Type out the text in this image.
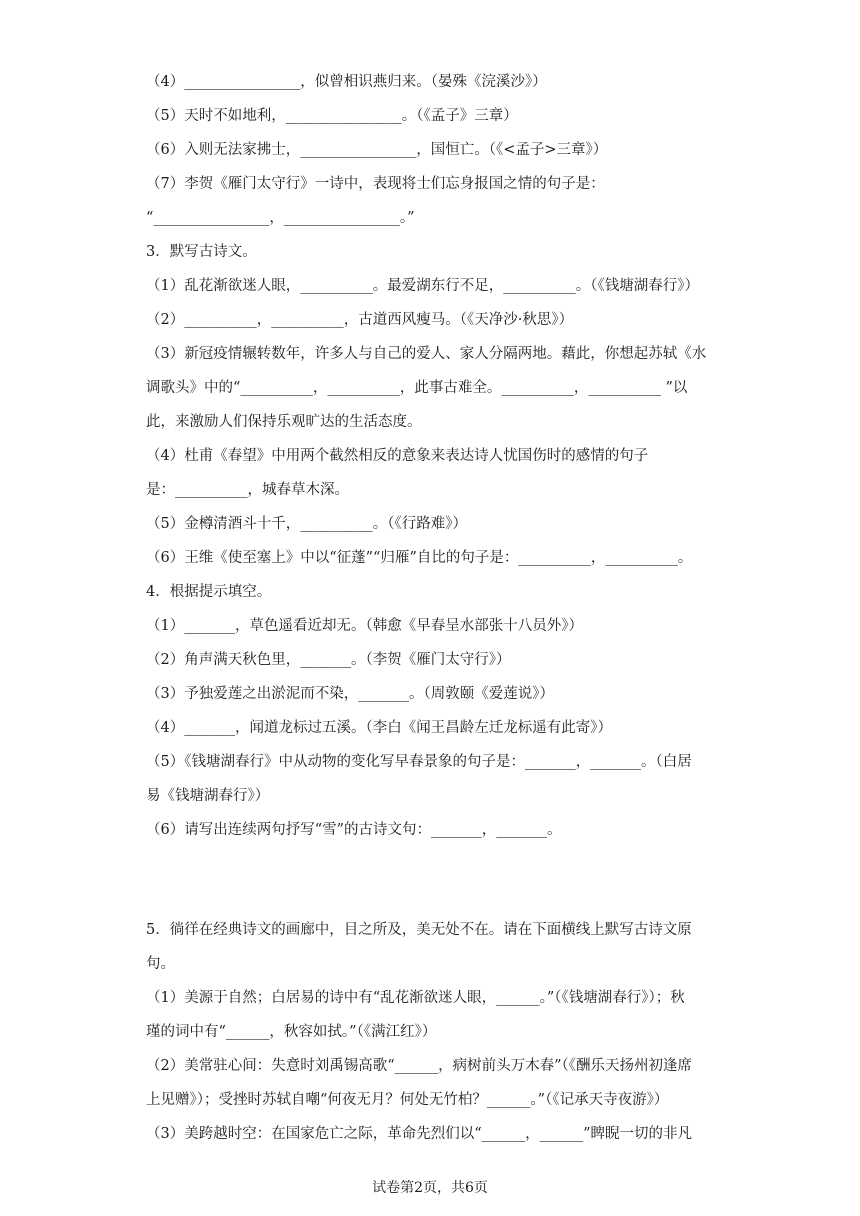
（4）________________，似曾相识燕归来。（晏殊《浣溪沙》）
（5）天时不如地利，________________。（《孟子》三章）
（6）入则无法家拂士，________________，国恒亡。（《<孟子>三章》）
（7）李贺《雁门太守行》一诗中，表现将士们忘身报国之情的句子是：
“________________，________________。”
3．默写古诗文。
（1）乱花渐欲迷人眼，__________。最爱湖东行不足，__________。（《钱塘湖春行》）
（2）__________，__________，古道西风瘦马。（《天净沙·秋思》）
（3）新冠疫情辗转数年，许多人与自己的爱人、家人分隔两地。藉此，你想起苏轼《水
调歌头》中的“__________，__________，此事古难全。__________，__________ ”以
此，来激励人们保持乐观旷达的生活态度。
（4）杜甫《春望》中用两个截然相反的意象来表达诗人忧国伤时的感情的句子
是：__________，城春草木深。
（5）金樽清酒斗十千，__________。（《行路难》）
（6）王维《使至塞上》中以“征蓬”“归雁”自比的句子是：__________，__________。
4．根据提示填空。
（1）_______，草色遥看近却无。（韩愈《早春呈水部张十八员外》）
（2）角声满天秋色里，_______。（李贺《雁门太守行》）
（3）予独爱莲之出淤泥而不染，_______。（周敦颐《爱莲说》）
（4）_______，闻道龙标过五溪。（李白《闻王昌龄左迁龙标遥有此寄》）
（5）《钱塘湖春行》中从动物的变化写早春景象的句子是：_______，_______。（白居
易《钱塘湖春行》）
（6）请写出连续两句抒写“雪”的古诗文句：_______，_______。
5．徜徉在经典诗文的画廊中，目之所及，美无处不在。请在下面横线上默写古诗文原
句。
（1）美源于自然；白居易的诗中有“乱花渐欲迷人眼，______。”（《钱塘湖春行》）；秋
瑾的词中有“______，秋容如拭。”（《满江红》）
（2）美常驻心间：失意时刘禹锡高歌“______，病树前头万木春”（《酬乐天扬州初逢席
上见赠》）；受挫时苏轼自嘲“何夜无月？何处无竹柏？______。”（《记承天寺夜游》）
（3）美跨越时空：在国家危亡之际，革命先烈们以“______，______”睥睨一切的非凡
试卷第2页，共6页
